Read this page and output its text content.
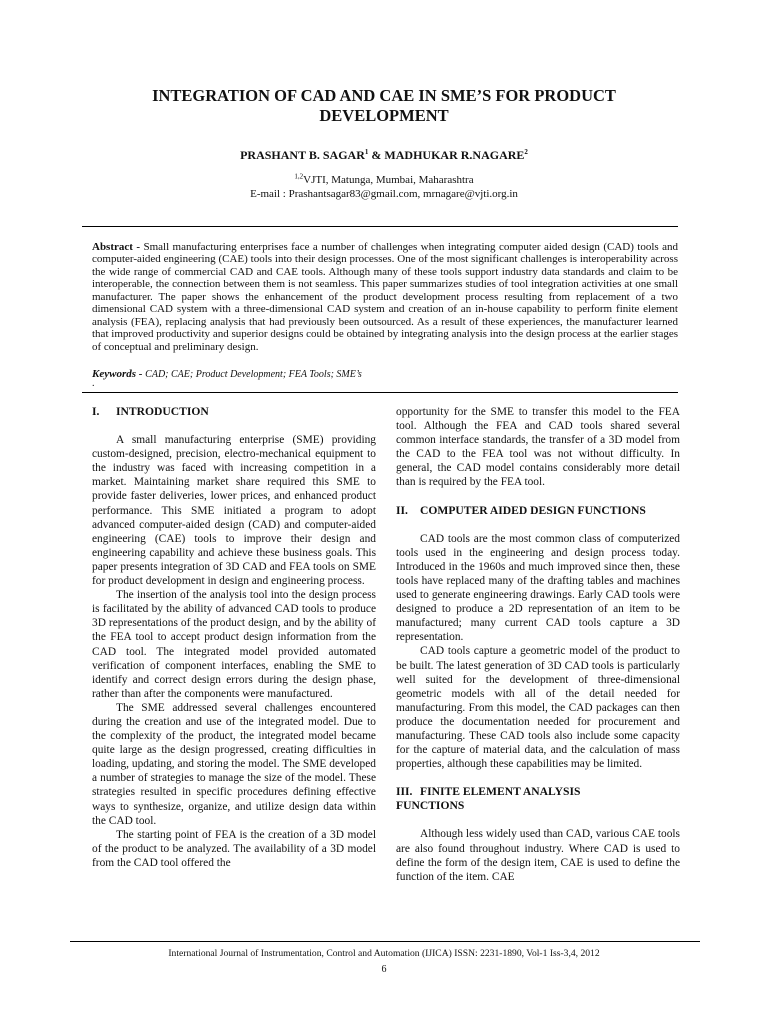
INTEGRATION OF CAD AND CAE IN SME’S FOR PRODUCT
DEVELOPMENT
PRASHANT B. SAGAR$^1$ & MADHUKAR R.NAGARE$^2$
$^{1,2}$VJTI, Matunga, Mumbai, Maharashtra
E-mail : Prashantsagar83@gmail.com, mrnagare@vjti.org.in
Abstract - Small manufacturing enterprises face a number of challenges when integrating computer aided design (CAD) tools and computer-aided engineering (CAE) tools into their design processes. One of the most significant challenges is interoperability across the wide range of commercial CAD and CAE tools. Although many of these tools support industry data standards and claim to be interoperable, the connection between them is not seamless. This paper summarizes studies of tool integration activities at one small manufacturer. The paper shows the enhancement of the product development process resulting from replacement of a two dimensional CAD system with a three-dimensional CAD system and creation of an in-house capability to perform finite element analysis (FEA), replacing analysis that had previously been outsourced. As a result of these experiences, the manufacturer learned that improved productivity and superior designs could be obtained by integrating analysis into the design process at the earlier stages of conceptual and preliminary design.
Keywords - CAD; CAE; Product Development; FEA Tools; SME’s
.
I. INTRODUCTION

A small manufacturing enterprise (SME) providing custom-designed, precision, electro-mechanical equipment to the industry was faced with increasing competition in a market. Maintaining market share required this SME to provide faster deliveries, lower prices, and enhanced product performance. This SME initiated a program to adopt advanced computer-aided design (CAD) and computer-aided engineering (CAE) tools to improve their design and engineering capability and achieve these business goals. This paper presents integration of 3D CAD and FEA tools on SME for product development in design and engineering process.

The insertion of the analysis tool into the design process is facilitated by the ability of advanced CAD tools to produce 3D representations of the product design, and by the ability of the FEA tool to accept product design information from the CAD tool. The integrated model provided automated verification of component interfaces, enabling the SME to identify and correct design errors during the design phase, rather than after the components were manufactured.

The SME addressed several challenges encountered during the creation and use of the integrated model. Due to the complexity of the product, the integrated model became quite large as the design progressed, creating difficulties in loading, updating, and storing the model. The SME developed a number of strategies to manage the size of the model. These strategies resulted in specific procedures defining effective ways to synthesize, organize, and utilize design data within the CAD tool.

The starting point of FEA is the creation of a 3D model of the product to be analyzed. The availability of a 3D model from the CAD tool offered the

opportunity for the SME to transfer this model to the FEA tool. Although the FEA and CAD tools shared several common interface standards, the transfer of a 3D model from the CAD to the FEA tool was not without difficulty. In general, the CAD model contains considerably more detail than is required by the FEA tool.

II. COMPUTER AIDED DESIGN FUNCTIONS

CAD tools are the most common class of computerized tools used in the engineering and design process today. Introduced in the 1960s and much improved since then, these tools have replaced many of the drafting tables and machines used to generate engineering drawings. Early CAD tools were designed to produce a 2D representation of an item to be manufactured; many current CAD tools capture a 3D representation.

CAD tools capture a geometric model of the product to be built. The latest generation of 3D CAD tools is particularly well suited for the development of three-dimensional geometric models with all of the detail needed for manufacturing. From this model, the CAD packages can then produce the documentation needed for procurement and manufacturing. These CAD tools also include some capacity for the capture of material data, and the calculation of mass properties, although these capabilities may be limited.

III. FINITE ELEMENT ANALYSIS
FUNCTIONS

Although less widely used than CAD, various CAE tools are also found throughout industry. Where CAD is used to define the form of the design item, CAE is used to define the function of the item. CAE

International Journal of Instrumentation, Control and Automation (IJICA) ISSN: 2231-1890, Vol-1 Iss-3,4, 2012
6
